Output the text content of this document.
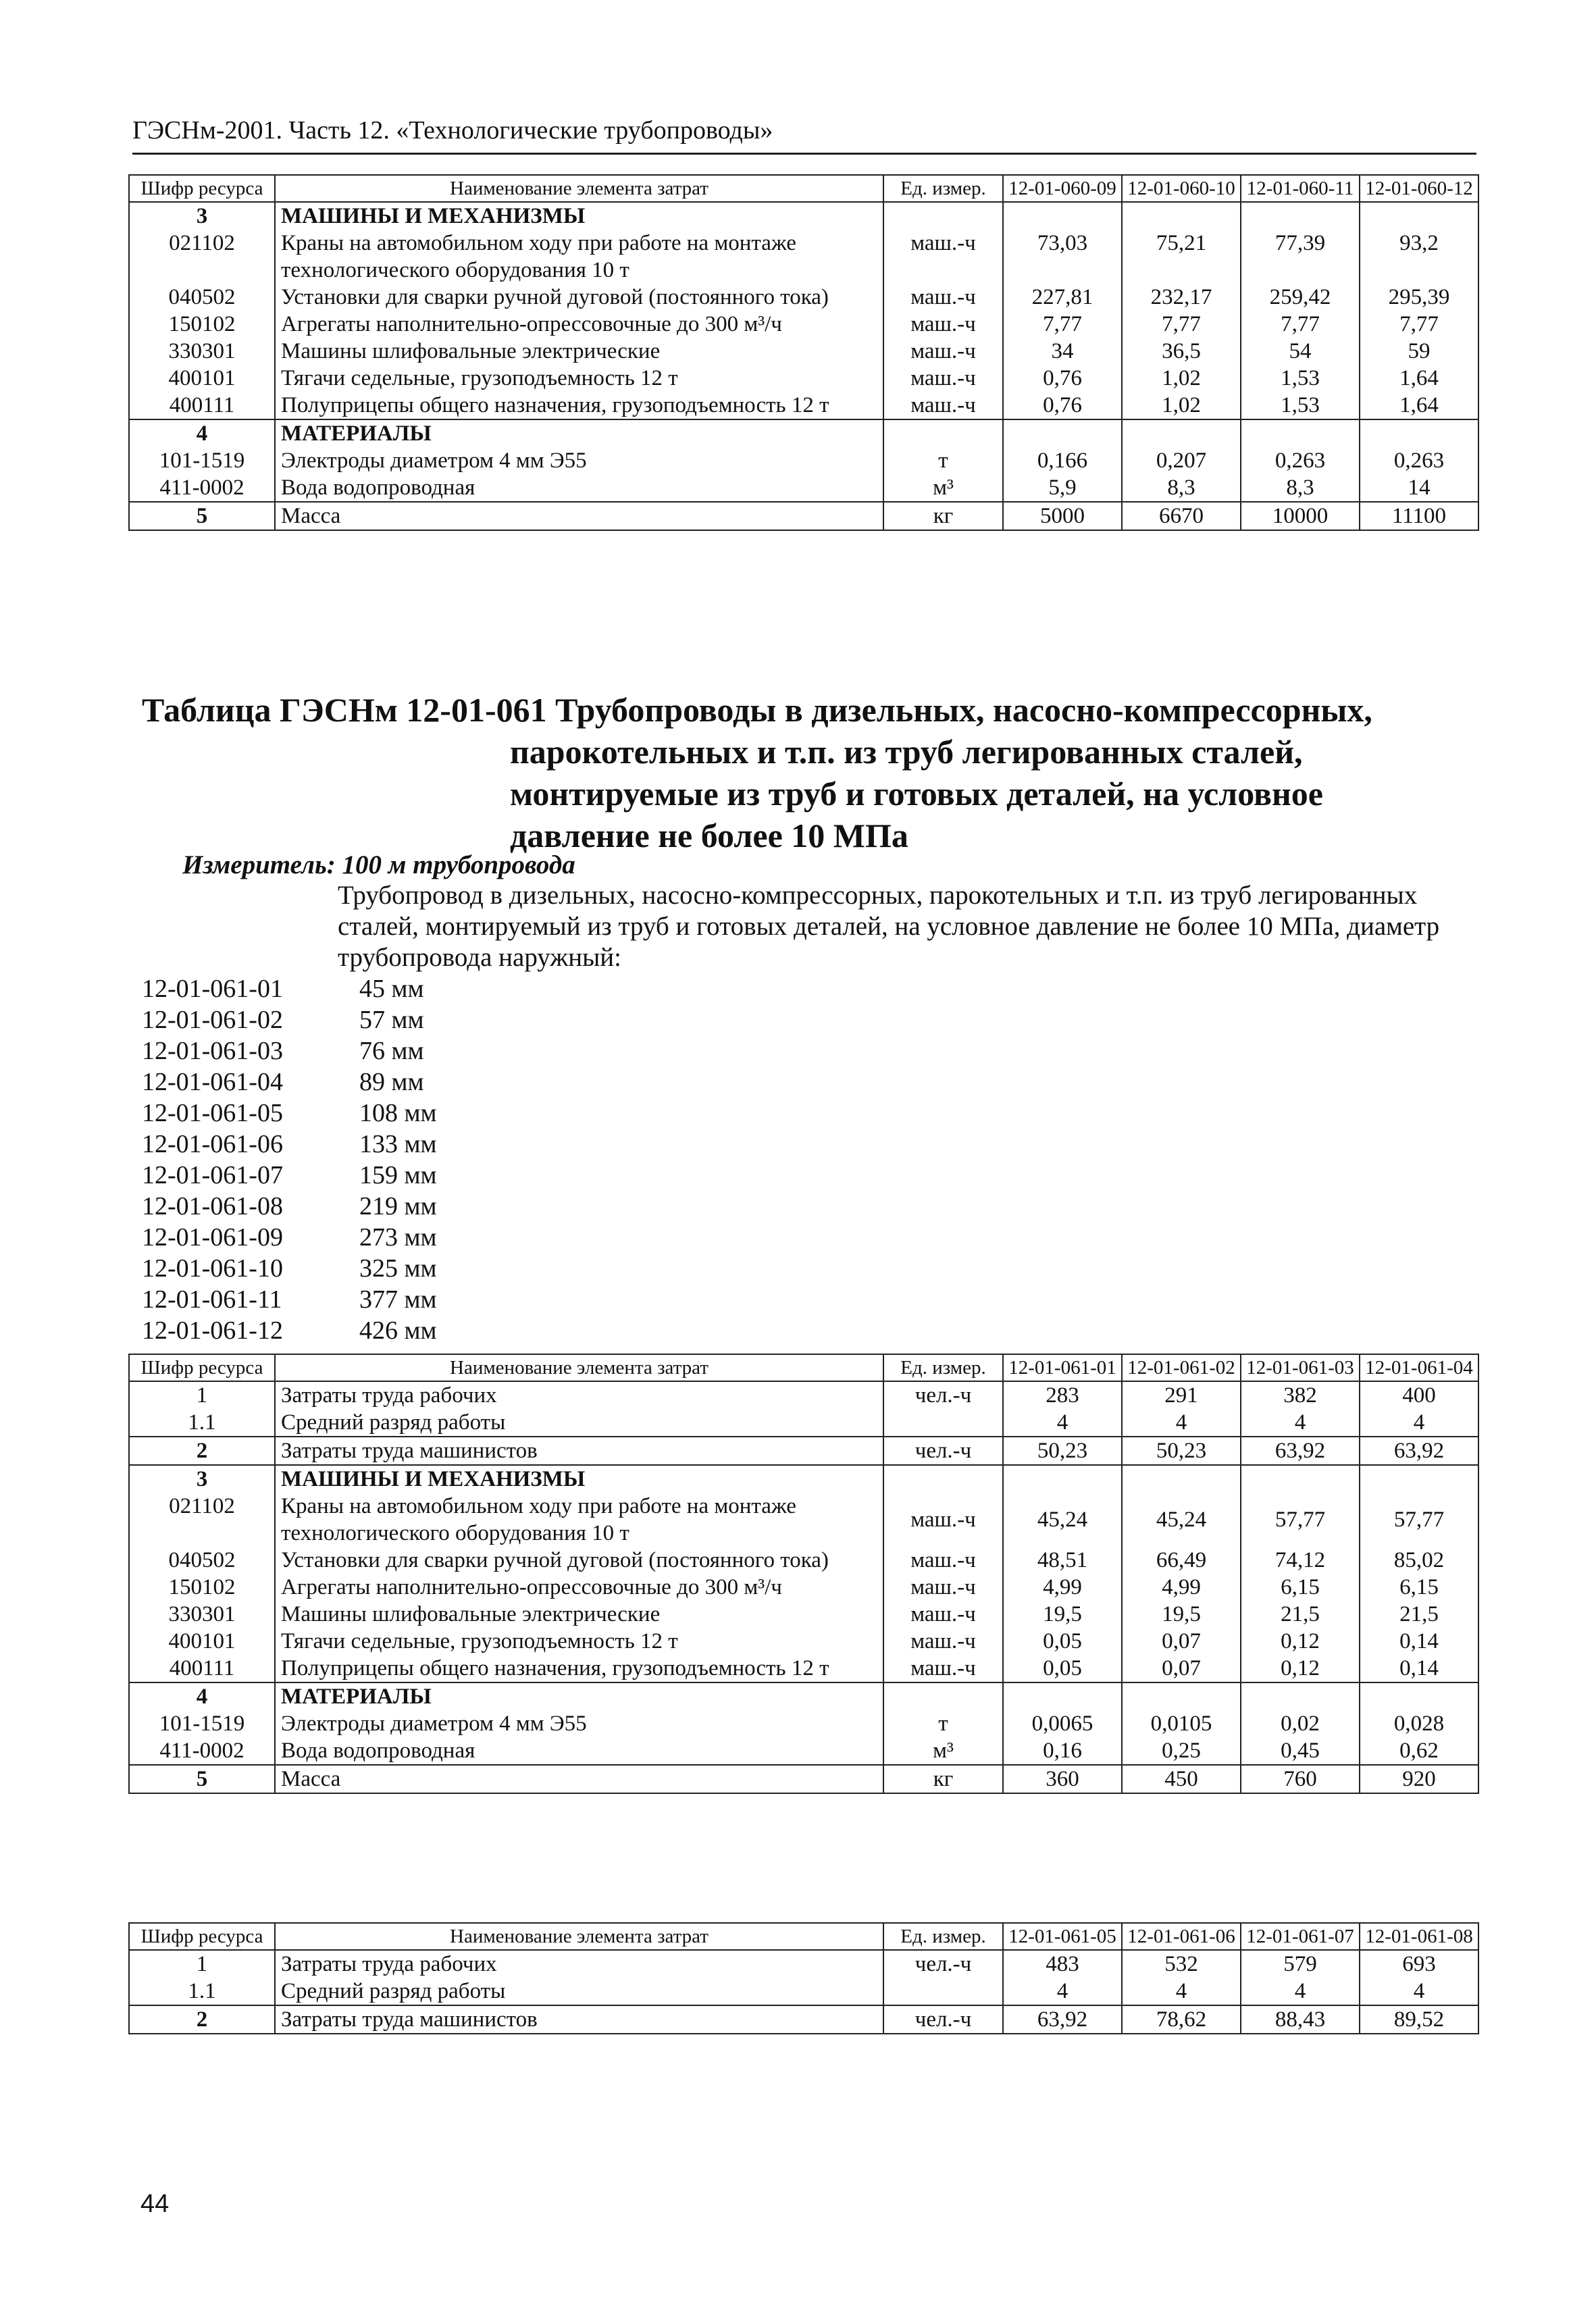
ГЭСНм-2001. Часть 12. «Технологические трубопроводы»
Шифр ресурса	Наименование элемента затрат	Ед. измер.	12-01-060-09	12-01-060-10	12-01-060-11	12-01-060-12
3	МАШИНЫ И МЕХАНИЗМЫ					
021102	Краны на автомобильном ходу при работе на монтаже технологического оборудования 10 т	маш.-ч	73,03	75,21	77,39	93,2
040502	Установки для сварки ручной дуговой (постоянного тока)	маш.-ч	227,81	232,17	259,42	295,39
150102	Агрегаты наполнительно-опрессовочные до 300 м³/ч	маш.-ч	7,77	7,77	7,77	7,77
330301	Машины шлифовальные электрические	маш.-ч	34	36,5	54	59
400101	Тягачи седельные, грузоподъемность 12 т	маш.-ч	0,76	1,02	1,53	1,64
400111	Полуприцепы общего назначения, грузоподъемность 12 т	маш.-ч	0,76	1,02	1,53	1,64
4	МАТЕРИАЛЫ					
101-1519	Электроды диаметром 4 мм Э55	т	0,166	0,207	0,263	0,263
411-0002	Вода водопроводная	м³	5,9	8,3	8,3	14
5	Масса	кг	5000	6670	10000	11100
Таблица ГЭСНм 12-01-061 Трубопроводы в дизельных, насосно-компрессорных,
парокотельных и т.п. из труб легированных сталей,
монтируемые из труб и готовых деталей, на условное
давление не более 10 МПа
Измеритель: 100 м трубопровода
Трубопровод в дизельных, насосно-компрессорных, парокотельных и т.п. из труб легированных сталей, монтируемый из труб и готовых деталей, на условное давление не более 10 МПа, диаметр трубопровода наружный:
12-01-061-01	45 мм
12-01-061-02	57 мм
12-01-061-03	76 мм
12-01-061-04	89 мм
12-01-061-05	108 мм
12-01-061-06	133 мм
12-01-061-07	159 мм
12-01-061-08	219 мм
12-01-061-09	273 мм
12-01-061-10	325 мм
12-01-061-11	377 мм
12-01-061-12	426 мм
Шифр ресурса	Наименование элемента затрат	Ед. измер.	12-01-061-01	12-01-061-02	12-01-061-03	12-01-061-04
1	Затраты труда рабочих	чел.-ч	283	291	382	400
1.1	Средний разряд работы		4	4	4	4
2	Затраты труда машинистов	чел.-ч	50,23	50,23	63,92	63,92
3	МАШИНЫ И МЕХАНИЗМЫ					
021102	Краны на автомобильном ходу при работе на монтаже технологического оборудования 10 т	маш.-ч	45,24	45,24	57,77	57,77
040502	Установки для сварки ручной дуговой (постоянного тока)	маш.-ч	48,51	66,49	74,12	85,02
150102	Агрегаты наполнительно-опрессовочные до 300 м³/ч	маш.-ч	4,99	4,99	6,15	6,15
330301	Машины шлифовальные электрические	маш.-ч	19,5	19,5	21,5	21,5
400101	Тягачи седельные, грузоподъемность 12 т	маш.-ч	0,05	0,07	0,12	0,14
400111	Полуприцепы общего назначения, грузоподъемность 12 т	маш.-ч	0,05	0,07	0,12	0,14
4	МАТЕРИАЛЫ					
101-1519	Электроды диаметром 4 мм Э55	т	0,0065	0,0105	0,02	0,028
411-0002	Вода водопроводная	м³	0,16	0,25	0,45	0,62
5	Масса	кг	360	450	760	920
Шифр ресурса	Наименование элемента затрат	Ед. измер.	12-01-061-05	12-01-061-06	12-01-061-07	12-01-061-08
1	Затраты труда рабочих	чел.-ч	483	532	579	693
1.1	Средний разряд работы		4	4	4	4
2	Затраты труда машинистов	чел.-ч	63,92	78,62	88,43	89,52
44
